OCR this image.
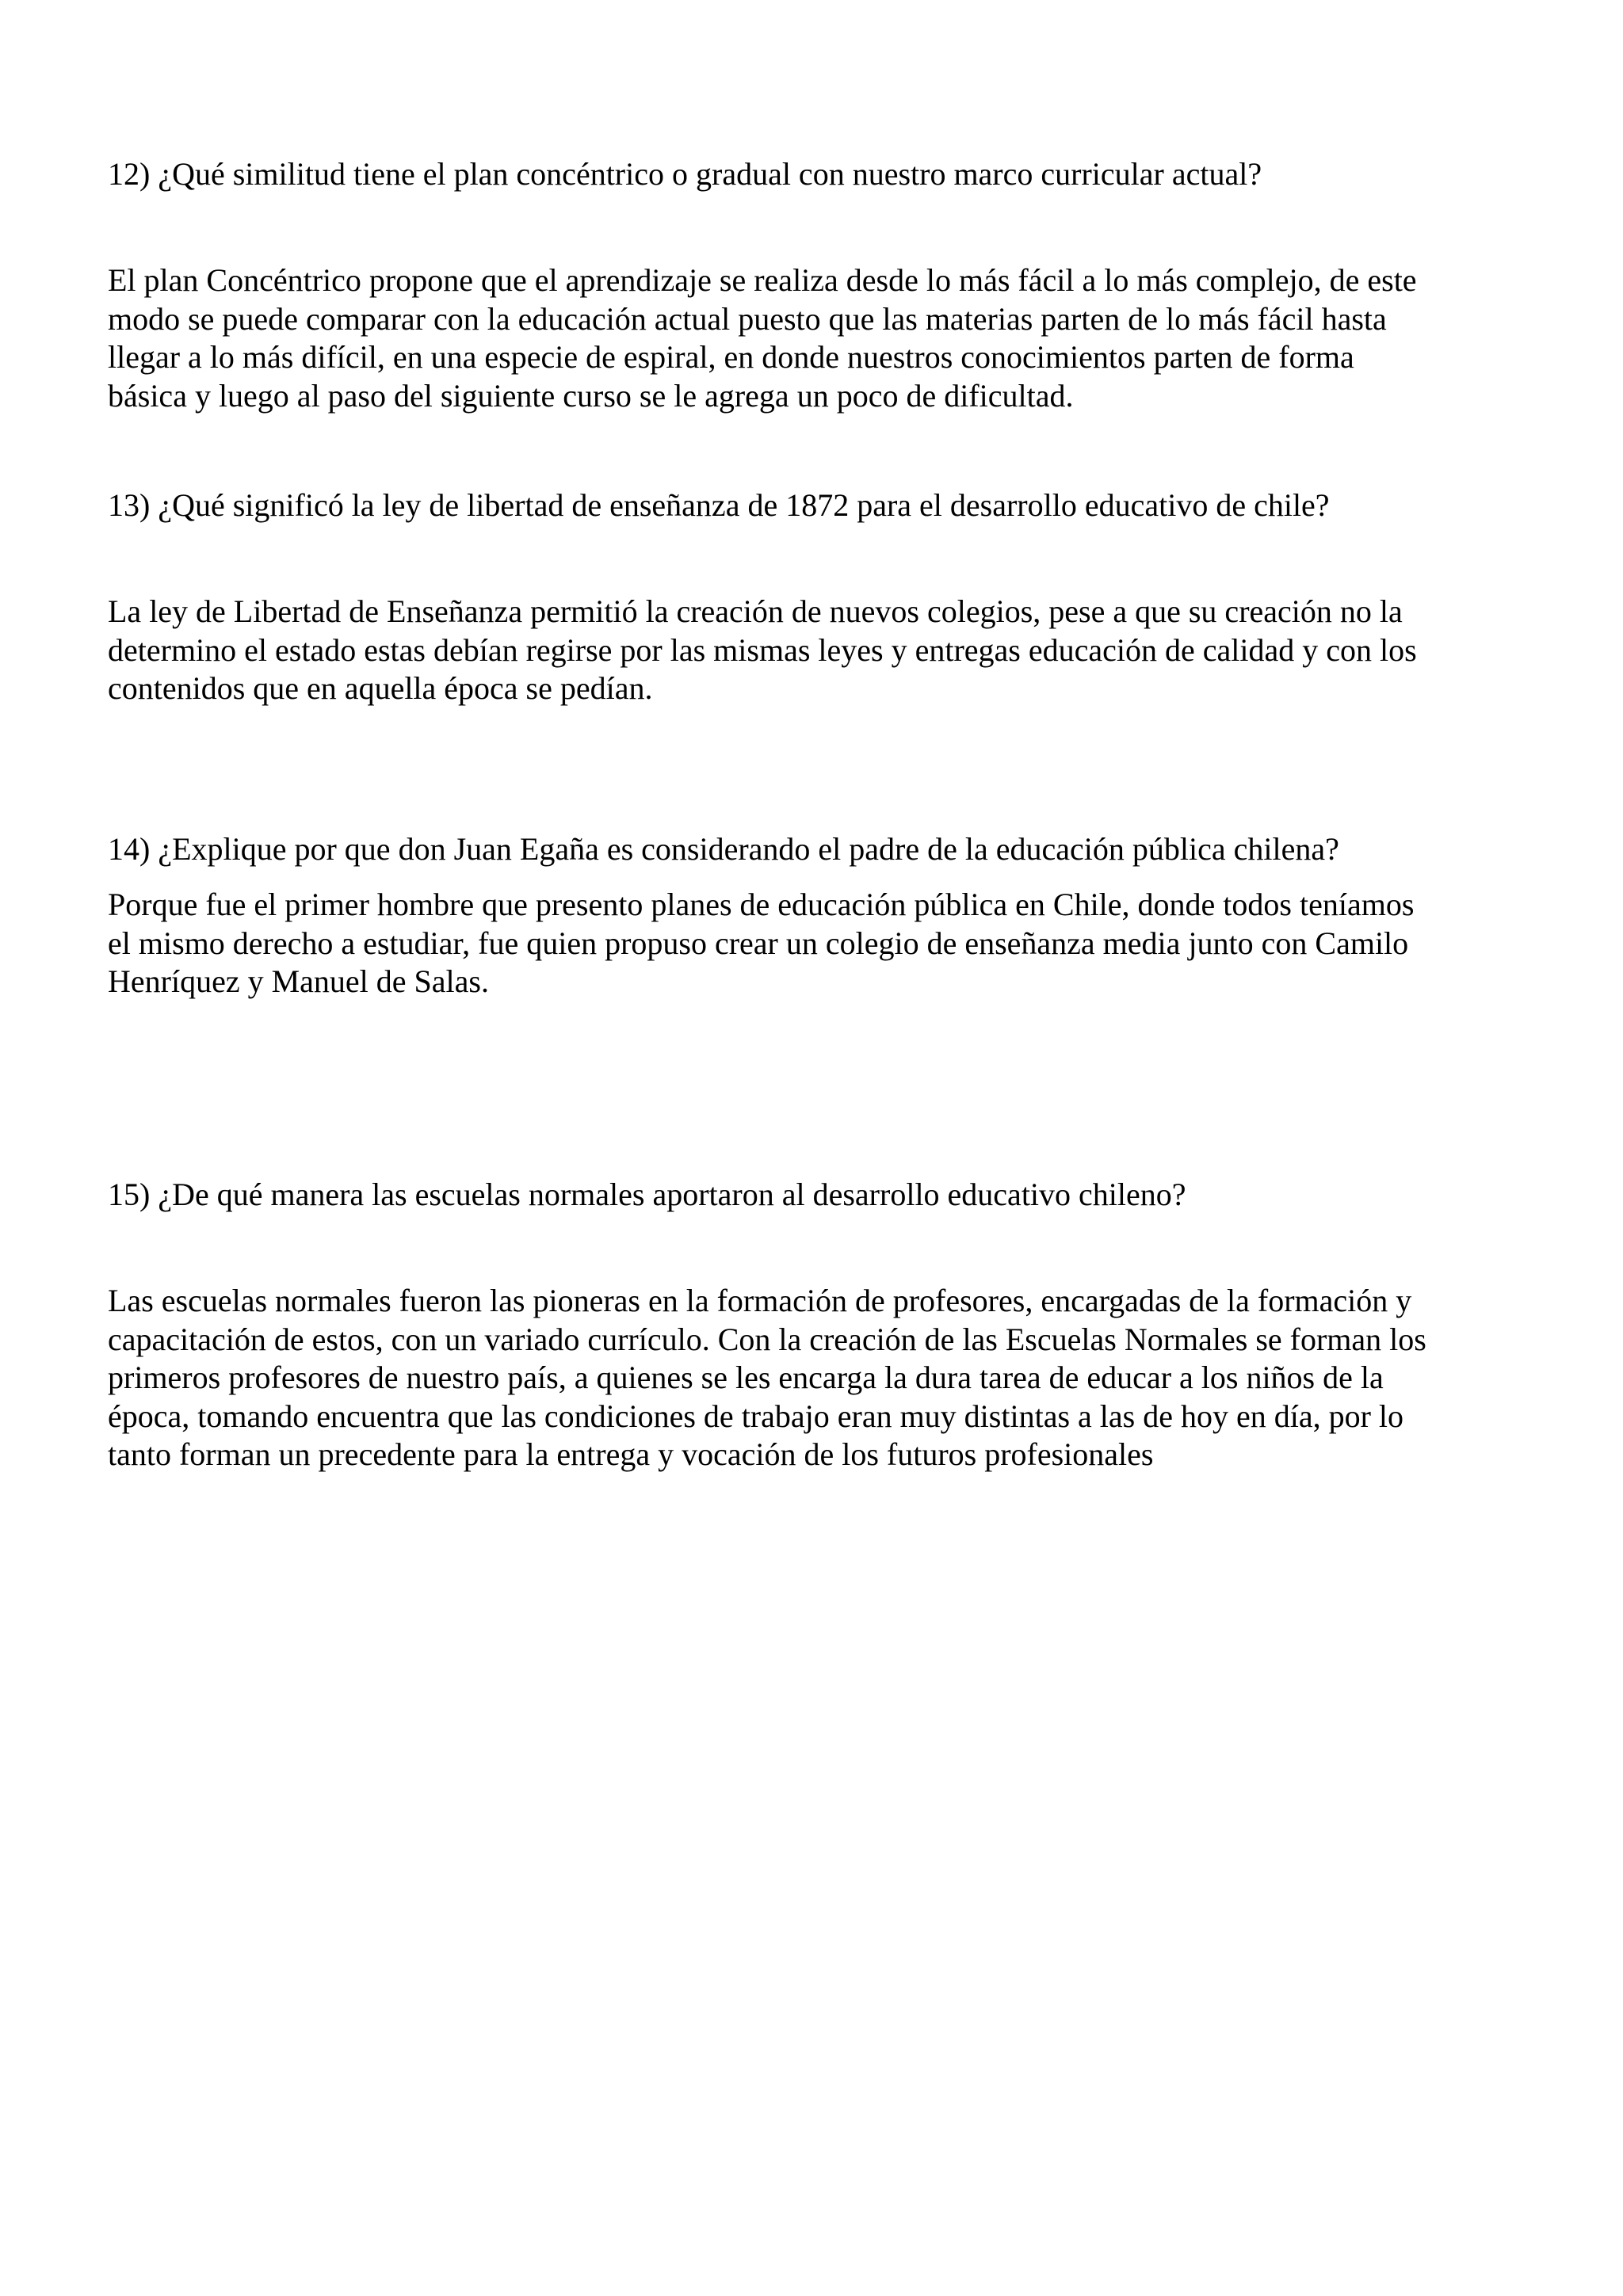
12) ¿Qué similitud tiene el plan concéntrico o gradual con nuestro marco curricular actual?

El plan Concéntrico propone que el aprendizaje se realiza desde lo más fácil a lo más complejo, de este
modo se puede comparar con la educación actual puesto que las materias parten de lo más fácil hasta
llegar a lo más difícil, en una especie de espiral, en donde nuestros conocimientos parten de forma
básica y luego al paso del siguiente curso se le agrega un poco de dificultad.

13) ¿Qué significó la ley de libertad de enseñanza de 1872 para el desarrollo educativo de chile?

La ley de Libertad de Enseñanza permitió la creación de nuevos colegios, pese a que su creación no la
determino el estado estas debían regirse por las mismas leyes y entregas educación de calidad y con los
contenidos que en aquella época se pedían.

14) ¿Explique por que don Juan Egaña es considerando el padre de la educación pública chilena?

Porque fue el primer hombre que presento planes de educación pública en Chile, donde todos teníamos
el mismo derecho a estudiar, fue quien propuso crear un colegio de enseñanza media junto con Camilo
Henríquez y Manuel de Salas.

15) ¿De qué manera las escuelas normales aportaron al desarrollo educativo chileno?

Las escuelas normales fueron las pioneras en la formación de profesores, encargadas de la formación y
capacitación de estos, con un variado currículo. Con la creación de las Escuelas Normales se forman los
primeros profesores de nuestro país, a quienes se les encarga la dura tarea de educar a los niños de la
época, tomando encuentra que las condiciones de trabajo eran muy distintas a las de hoy en día, por lo
tanto forman un precedente para la entrega y vocación de los futuros profesionales
